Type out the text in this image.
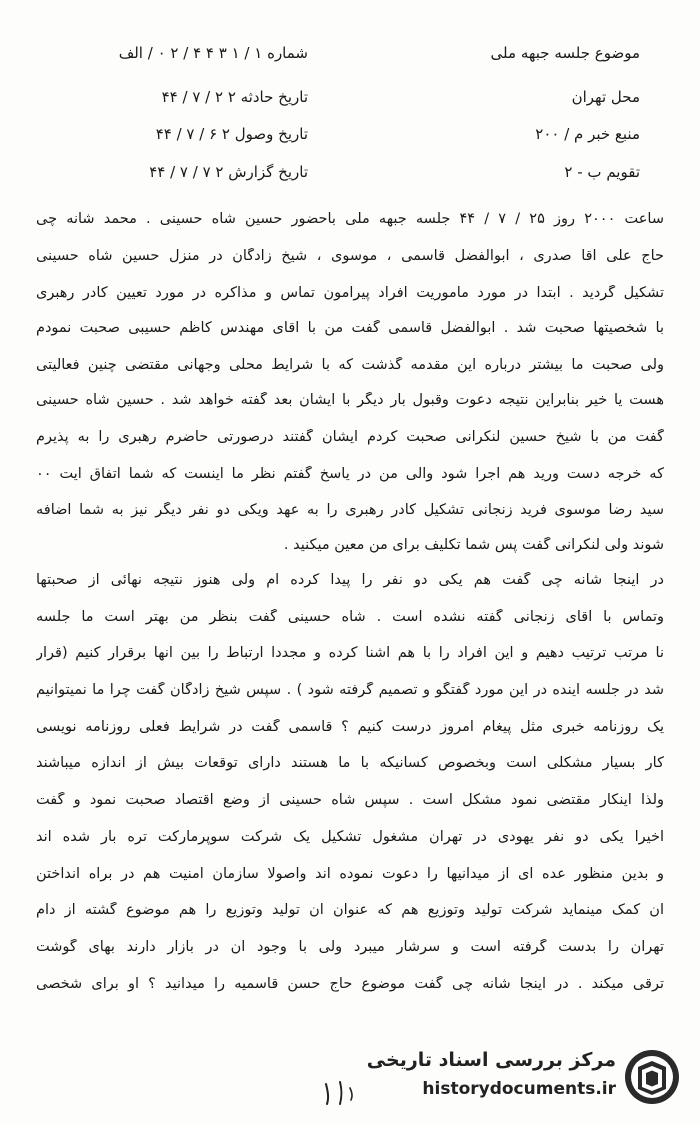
موضوع جلسه جبهه ملی
شماره ۱ / ۱ ۳ ۴ ۴ / ۲ ۰ / الف
محل تهران
تاریخ حادثه ۲ ۲ / ۷ / ۴۴
منبع خبر م / ۲۰۰
تاریخ وصول ۲ ۶ / ۷ / ۴۴
تقویم ب - ۲
تاریخ گزارش ۲ ۷ / ۷ / ۴۴
ساعت ۲۰۰۰ روز ۲۵ / ۷ / ۴۴ جلسه جبهه ملی باحضور حسین شاه حسینی . محمد شانه چی
حاج علی آقا صدری ، ابوالفضل قاسمی ، موسوی ، شیخ زادگان در منزل حسین شاه حسینی
تشکیل گردید . ابتدا در مورد ماموریت افراد پیرامون تماس و مذاکره در مورد تعیین کادر رهبری
با شخصیتها صحبت شد . ابوالفضل قاسمی گفت من با آقای مهندس کاظم حسیبی صحبت نمودم
ولی صحبت ما بیشتر درباره این مقدمه گذشت که با شرایط محلی وجهانی مقتضی چنین فعالیتی
هست یا خیر بنابراین نتیجه دعوت وقبول بار دیگر با ایشان بعد گفته خواهد شد . حسین شاه حسینی
گفت من با شیخ حسین لنکرانی صحبت کردم ایشان گفتند درصورتی حاضرم رهبری را به پذیرم
که خرجه دست ورید هم اجرا شود والی من در یاسخ گفتم نظر ما اینست که شما اتفاق ایت ۰۰
سید رضا موسوی فرید زنجانی تشکیل کادر رهبری را به عهد ویکی دو نفر دیگر نیز به شما اضافه
شوند ولی لنکرانی گفت پس شما تکلیف برای من معین میکنید .
در اینجا شانه چی گفت هم یکی دو نفر را پیدا کرده ام ولی هنوز نتیجه نهائی از صحبتها
وتماس با آقای زنجانی گفته نشده است . شاه حسینی گفت بنظر من بهتر است ما جلسه
نا مرتب ترتیب دهیم و این افراد را با هم آشنا کرده و مجددا ارتباط را بین آنها برقرار کنیم (قرار
شد در جلسه آینده در این مورد گفتگو و تصمیم گرفته شود ) . سپس شیخ زادگان گفت چرا ما نمیتوانیم
یک روزنامه خبری مثل پیغام امروز درست کنیم ؟ قاسمی گفت در شرایط فعلی روزنامه نویسی
کار بسیار مشکلی است وبخصوص کسانیکه با ما هستند دارای توقعات بیش از اندازه میباشند
ولذا اینکار مقتضی نمود مشکل است . سپس شاه حسینی از وضع اقتصاد صحبت نمود و گفت
اخیرا یکی دو نفر یهودی در تهران مشغول تشکیل یک شرکت سوپرمارکت تره بار شده اند
و بدین منظور عده ای از میدانیها را دعوت نموده اند واصولا سازمان امنیت هم در براه انداختن
آن کمک مینماید شرکت تولید وتوزیع هم که عنوان آن تولید وتوزیع را هم موضوع گشته از دام
تهران را بدست گرفته است و سرشار میبرد ولی با وجود آن در بازار دارند بهای گوشت
ترقی میکند . در اینجا شانه چی گفت موضوع حاج حسن قاسمیه را میدانید ؟ او برای شخصی
مرکز بررسی اسناد تاریخی
historydocuments.ir
